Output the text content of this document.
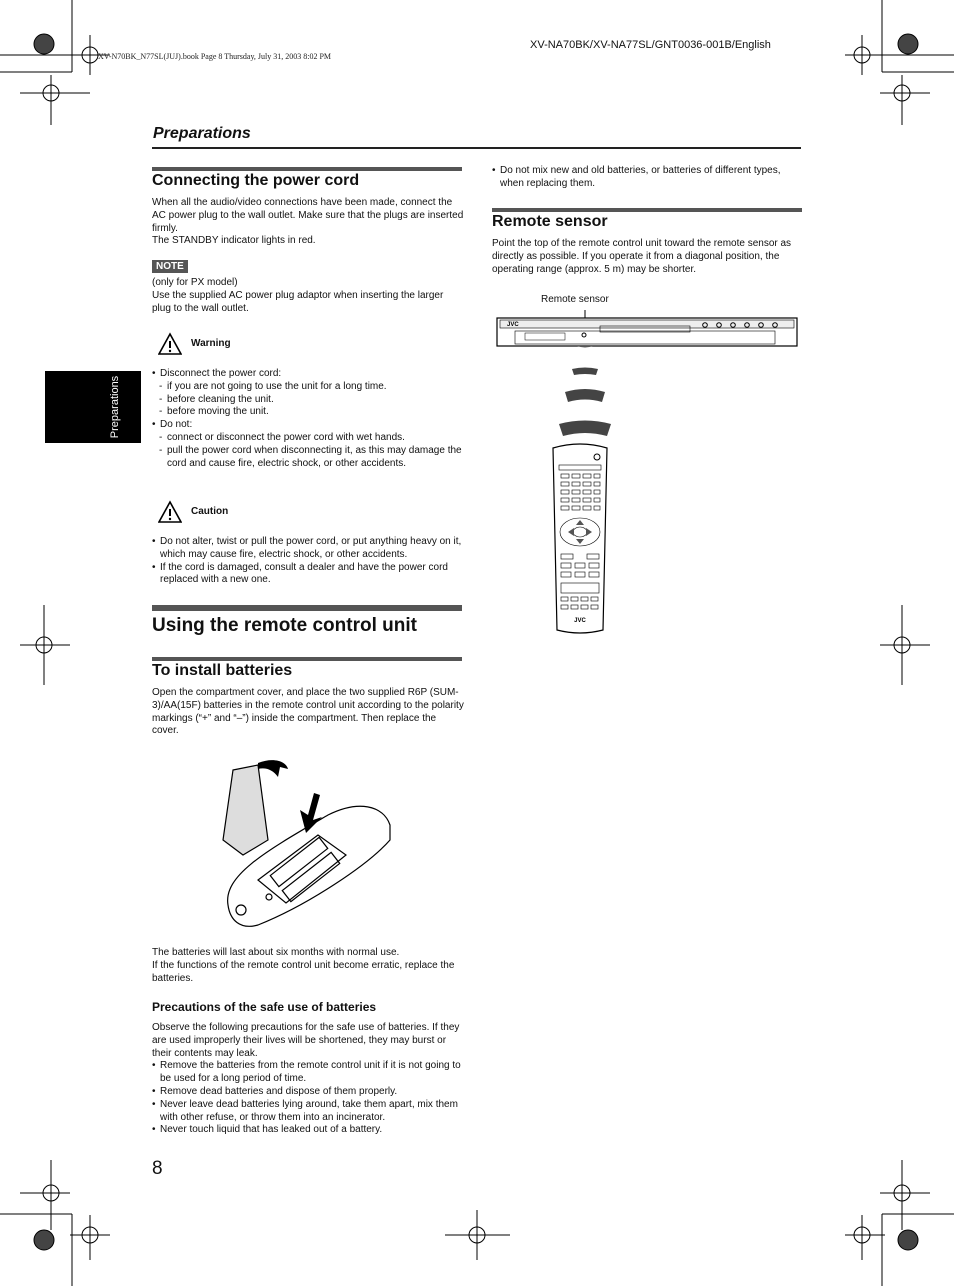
XV-N70BK_N77SL(JUJ).book Page 8 Thursday, July 31, 2003 8:02 PM
XV-NA70BK/XV-NA77SL/GNT0036-001B/English
Preparations
Preparations
Connecting the power cord
When all the audio/video connections have been made, connect the AC power plug to the wall outlet. Make sure that the plugs are inserted firmly.
The STANDBY indicator lights in red.
NOTE
(only for PX model)
Use the supplied AC power plug adaptor when inserting the larger plug to the wall outlet.
Warning
• Disconnect the power cord:
- if you are not going to use the unit for a long time.
- before cleaning the unit.
- before moving the unit.
• Do not:
- connect or disconnect the power cord with wet hands.
- pull the power cord when disconnecting it, as this may damage the cord and cause fire, electric shock, or other accidents.
Caution
• Do not alter, twist or pull the power cord, or put anything heavy on it, which may cause fire, electric shock, or other accidents.
• If the cord is damaged, consult a dealer and have the power cord replaced with a new one.
Using the remote control unit
To install batteries
Open the compartment cover, and place the two supplied R6P (SUM-3)/AA(15F) batteries in the remote control unit according to the polarity markings (“+” and “–”) inside the compartment. Then replace the cover.
The batteries will last about six months with normal use.
If the functions of the remote control unit become erratic, replace the batteries.
Precautions of the safe use of batteries
Observe the following precautions for the safe use of batteries. If they are used improperly their lives will be shortened, they may burst or their contents may leak.
• Remove the batteries from the remote control unit if it is not going to be used for a long period of time.
• Remove dead batteries and dispose of them properly.
• Never leave dead batteries lying around, take them apart, mix them with other refuse, or throw them into an incinerator.
• Never touch liquid that has leaked out of a battery.
• Do not mix new and old batteries, or batteries of different types, when replacing them.
Remote sensor
Point the top of the remote control unit toward the remote sensor as directly as possible. If you operate it from a diagonal position, the operating range (approx. 5 m) may be shorter.
Remote sensor
JVC
JVC
8
